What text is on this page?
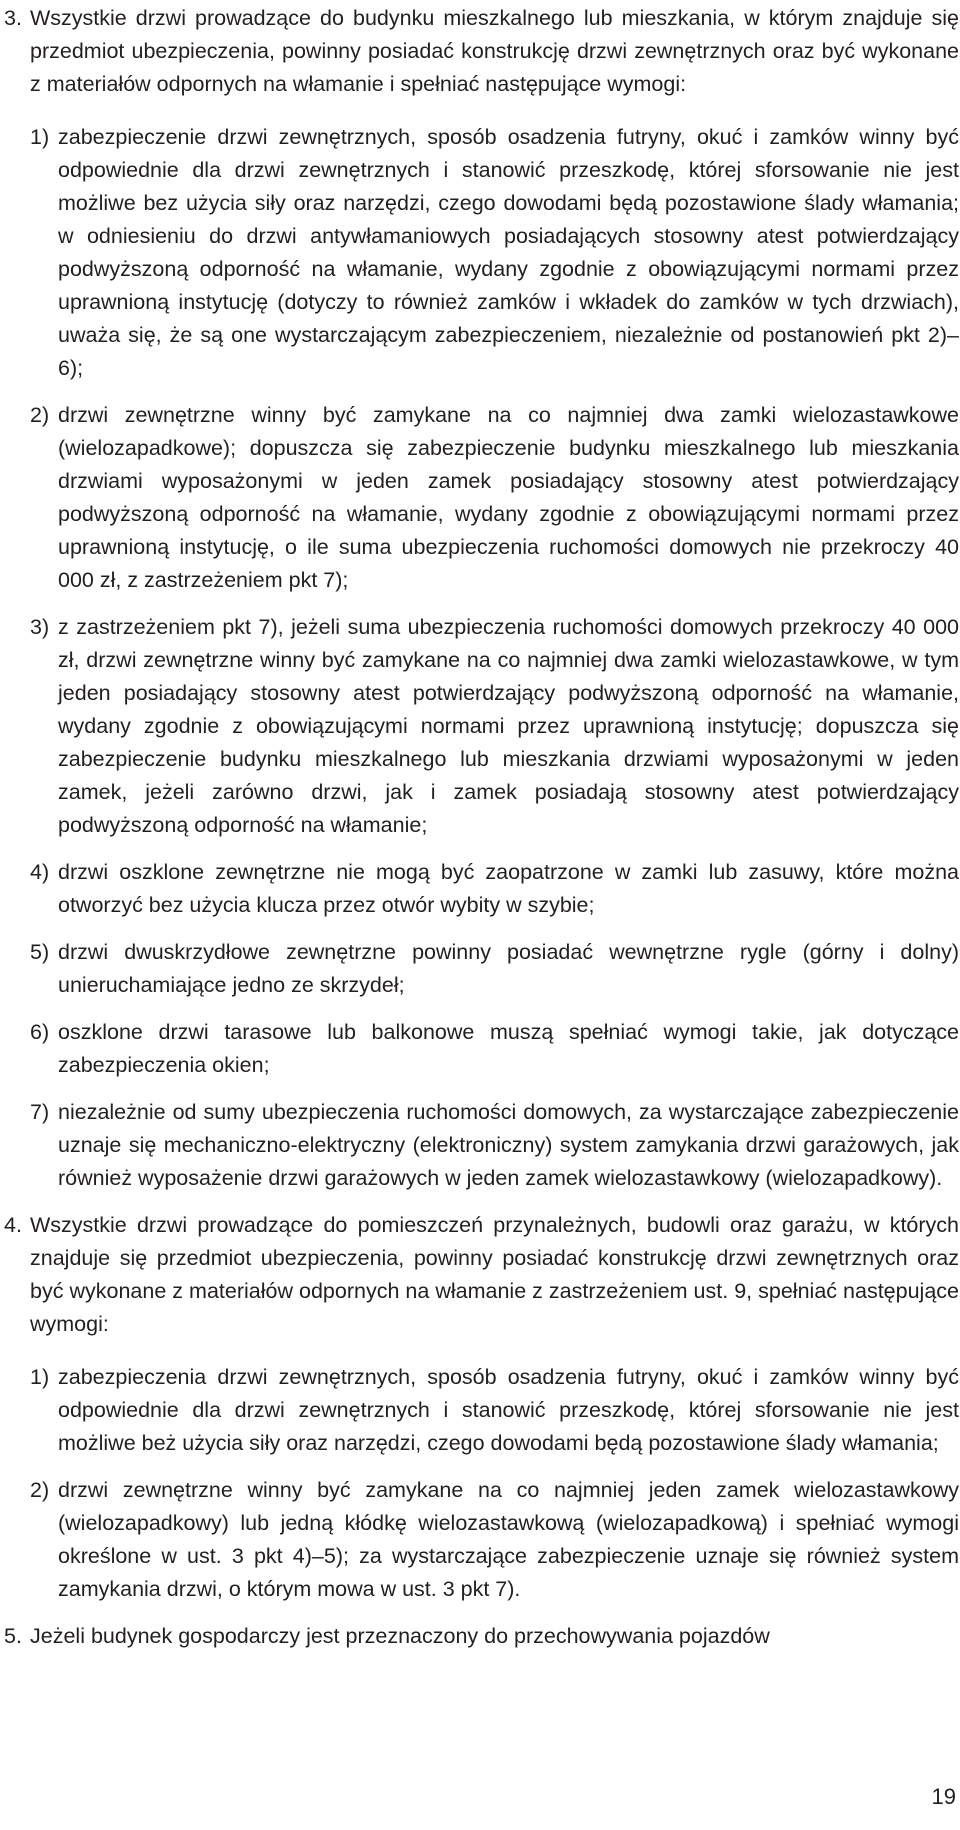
3. Wszystkie drzwi prowadzące do budynku mieszkalnego lub mieszkania, w którym znajduje się przedmiot ubezpieczenia, powinny posiadać konstrukcję drzwi zewnętrznych oraz być wykonane z materiałów odpornych na włamanie i spełniać następujące wymogi:
1) zabezpieczenie drzwi zewnętrznych, sposób osadzenia futryny, okuć i zamków winny być odpowiednie dla drzwi zewnętrznych i stanowić przeszkodę, której sforsowanie nie jest możliwe bez użycia siły oraz narzędzi, czego dowodami będą pozostawione ślady włamania; w odniesieniu do drzwi antywłamaniowych posiadających stosowny atest potwierdzający podwyższoną odporność na włamanie, wydany zgodnie z obowiązującymi normami przez uprawnioną instytucję (dotyczy to również zamków i wkładek do zamków w tych drzwiach), uważa się, że są one wystarczającym zabezpieczeniem, niezależnie od postanowień pkt 2)–6);
2) drzwi zewnętrzne winny być zamykane na co najmniej dwa zamki wielozastawkowe (wielozapadkowe); dopuszcza się zabezpieczenie budynku mieszkalnego lub mieszkania drzwiami wyposażonymi w jeden zamek posiadający stosowny atest potwierdzający podwyższoną odporność na włamanie, wydany zgodnie z obowiązującymi normami przez uprawnioną instytucję, o ile suma ubezpieczenia ruchomości domowych nie przekroczy 40 000 zł, z zastrzeżeniem pkt 7);
3) z zastrzeżeniem pkt 7), jeżeli suma ubezpieczenia ruchomości domowych przekroczy 40 000 zł, drzwi zewnętrzne winny być zamykane na co najmniej dwa zamki wielozastawkowe, w tym jeden posiadający stosowny atest potwierdzający podwyższoną odporność na włamanie, wydany zgodnie z obowiązującymi normami przez uprawnioną instytucję; dopuszcza się zabezpieczenie budynku mieszkalnego lub mieszkania drzwiami wyposażonymi w jeden zamek, jeżeli zarówno drzwi, jak i zamek posiadają stosowny atest potwierdzający podwyższoną odporność na włamanie;
4) drzwi oszklone zewnętrzne nie mogą być zaopatrzone w zamki lub zasuwy, które można otworzyć bez użycia klucza przez otwór wybity w szybie;
5) drzwi dwuskrzydłowe zewnętrzne powinny posiadać wewnętrzne rygle (górny i dolny) unieruchamiające jedno ze skrzydeł;
6) oszklone drzwi tarasowe lub balkonowe muszą spełniać wymogi takie, jak dotyczące zabezpieczenia okien;
7) niezależnie od sumy ubezpieczenia ruchomości domowych, za wystarczające zabezpieczenie uznaje się mechaniczno-elektryczny (elektroniczny) system zamykania drzwi garażowych, jak również wyposażenie drzwi garażowych w jeden zamek wielozastawkowy (wielozapadkowy).
4. Wszystkie drzwi prowadzące do pomieszczeń przynależnych, budowli oraz garażu, w których znajduje się przedmiot ubezpieczenia, powinny posiadać konstrukcję drzwi zewnętrznych oraz być wykonane z materiałów odpornych na włamanie z zastrzeżeniem ust. 9, spełniać następujące wymogi:
1) zabezpieczenia drzwi zewnętrznych, sposób osadzenia futryny, okuć i zamków winny być odpowiednie dla drzwi zewnętrznych i stanowić przeszkodę, której sforsowanie nie jest możliwe beż użycia siły oraz narzędzi, czego dowodami będą pozostawione ślady włamania;
2) drzwi zewnętrzne winny być zamykane na co najmniej jeden zamek wielozastawkowy (wielozapadkowy) lub jedną kłódkę wielozastawkową (wielozapadkową) i spełniać wymogi określone w ust. 3 pkt 4)–5); za wystarczające zabezpieczenie uznaje się również system zamykania drzwi, o którym mowa w ust. 3 pkt 7).
5. Jeżeli budynek gospodarczy jest przeznaczony do przechowywania pojazdów
19
